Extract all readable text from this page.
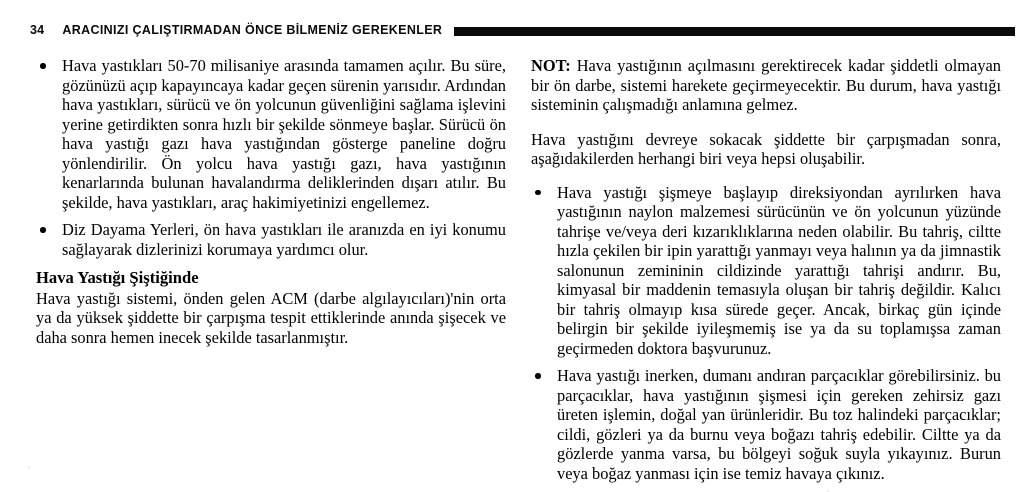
34 ARACINIZI ÇALIŞTIRMADAN ÖNCE BİLMENİZ GEREKENLER
Hava yastıkları 50-70 milisaniye arasında tamamen açılır. Bu süre, gözünüzü açıp kapayıncaya kadar geçen sürenin yarısıdır. Ardından hava yastıkları, sürücü ve ön yolcunun güvenliğini sağlama işlevini yerine getirdikten sonra hızlı bir şekilde sönmeye başlar. Sürücü ön hava yastığı gazı hava yastığından gösterge paneline doğru yönlendirilir. Ön yolcu hava yastığı gazı, hava yastığının kenarlarında bulunan havalandırma deliklerinden dışarı atılır. Bu şekilde, hava yastıkları, araç hakimiyetinizi engellemez.
Diz Dayama Yerleri, ön hava yastıkları ile aranızda en iyi konumu sağlayarak dizlerinizi korumaya yardımcı olur.
Hava Yastığı Şiştiğinde

Hava yastığı sistemi, önden gelen ACM (darbe algılayıcıları)'nin orta ya da yüksek şiddette bir çarpışma tespit ettiklerinde anında şişecek ve daha sonra hemen inecek şekilde tasarlanmıştır.

NOT: Hava yastığının açılmasını gerektirecek kadar şiddetli olmayan bir ön darbe, sistemi harekete geçirmeyecektir. Bu durum, hava yastığı sisteminin çalışmadığı anlamına gelmez.

Hava yastığını devreye sokacak şiddette bir çarpışmadan sonra, aşağıdakilerden herhangi biri veya hepsi oluşabilir.

Hava yastığı şişmeye başlayıp direksiyondan ayrılırken hava yastığının naylon malzemesi sürücünün ve ön yolcunun yüzünde tahrişe ve/veya deri kızarıklıklarına neden olabilir. Bu tahriş, ciltte hızla çekilen bir ipin yarattığı yanmayı veya halının ya da jimnastik salonunun zemininin cildizinde yarattığı tahrişi andırır. Bu, kimyasal bir maddenin temasıyla oluşan bir tahriş değildir. Kalıcı bir tahriş olmayıp kısa sürede geçer. Ancak, birkaç gün içinde belirgin bir şekilde iyileşmemiş ise ya da su toplamışsa zaman geçirmeden doktora başvurunuz.
Hava yastığı inerken, dumanı andıran parçacıklar görebilirsiniz. bu parçacıklar, hava yastığının şişmesi için gereken zehirsiz gazı üreten işlemin, doğal yan ürünleridir. Bu toz halindeki parçacıklar; cildi, gözleri ya da burnu veya boğazı tahriş edebilir. Ciltte ya da gözlerde yanma varsa, bu bölgeyi soğuk suyla yıkayınız. Burun veya boğaz yanması için ise temiz havaya çıkınız.
